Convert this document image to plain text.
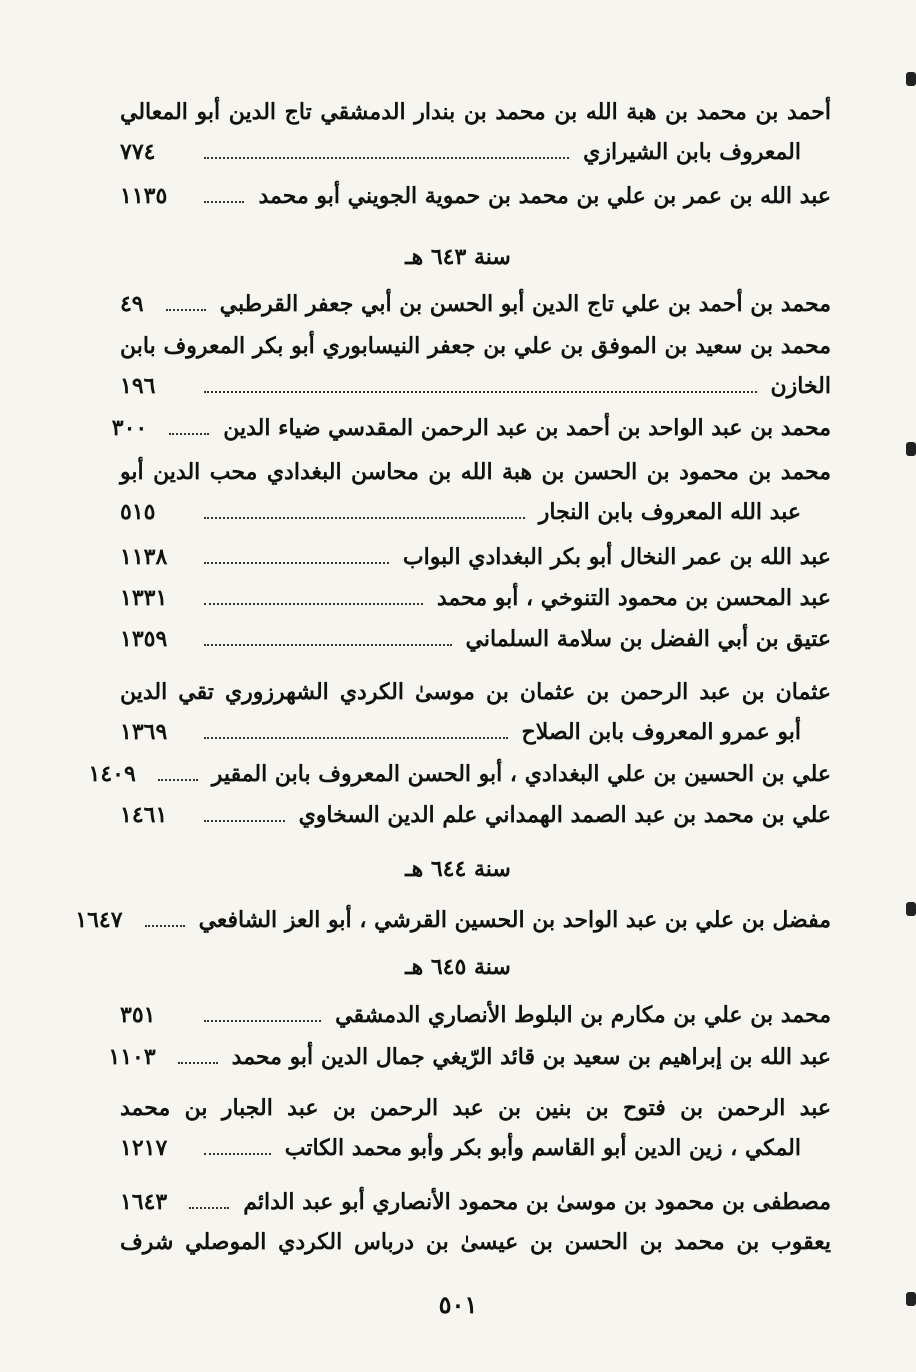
أحمد بن محمد بن هبة الله بن محمد بن بندار الدمشقي تاج الدين أبو المعالي
المعروف بابن الشيرازي
٧٧٤
عبد الله بن عمر بن علي بن محمد بن حموية الجويني أبو محمد
١١٣٥
سنة ٦٤٣ هـ
محمد بن أحمد بن علي تاج الدين أبو الحسن بن أبي جعفر القرطبي
٤٩
محمد بن سعيد بن الموفق بن علي بن جعفر النيسابوري أبو بكر المعروف بابن
الخازن
١٩٦
محمد بن عبد الواحد بن أحمد بن عبد الرحمن المقدسي ضياء الدين
٣٠٠
محمد بن محمود بن الحسن بن هبة الله بن محاسن البغدادي محب الدين أبو
عبد الله المعروف بابن النجار
٥١٥
عبد الله بن عمر النخال أبو بكر البغدادي البواب
١١٣٨
عبد المحسن بن محمود التنوخي ، أبو محمد
١٣٣١
عتيق بن أبي الفضل بن سلامة السلماني
١٣٥٩
عثمان بن عبد الرحمن بن عثمان بن موسىٰ الكردي الشهرزوري تقي الدين
أبو عمرو المعروف بابن الصلاح
١٣٦٩
علي بن الحسين بن علي البغدادي ، أبو الحسن المعروف بابن المقير
١٤٠٩
علي بن محمد بن عبد الصمد الهمداني علم الدين السخاوي
١٤٦١
سنة ٦٤٤ هـ
مفضل بن علي بن عبد الواحد بن الحسين القرشي ، أبو العز الشافعي
١٦٤٧
سنة ٦٤٥ هـ
محمد بن علي بن مكارم بن البلوط الأنصاري الدمشقي
٣٥١
عبد الله بن إبراهيم بن سعيد بن قائد الرّيغي جمال الدين أبو محمد
١١٠٣
عبد الرحمن بن فتوح بن بنين بن عبد الرحمن بن عبد الجبار بن محمد
المكي ، زين الدين أبو القاسم وأبو بكر وأبو محمد الكاتب
١٢١٧
مصطفى بن محمود بن موسىٰ بن محمود الأنصاري أبو عبد الدائم
١٦٤٣
يعقوب بن محمد بن الحسن بن عيسىٰ بن درباس الكردي الموصلي شرف
٥٠١
